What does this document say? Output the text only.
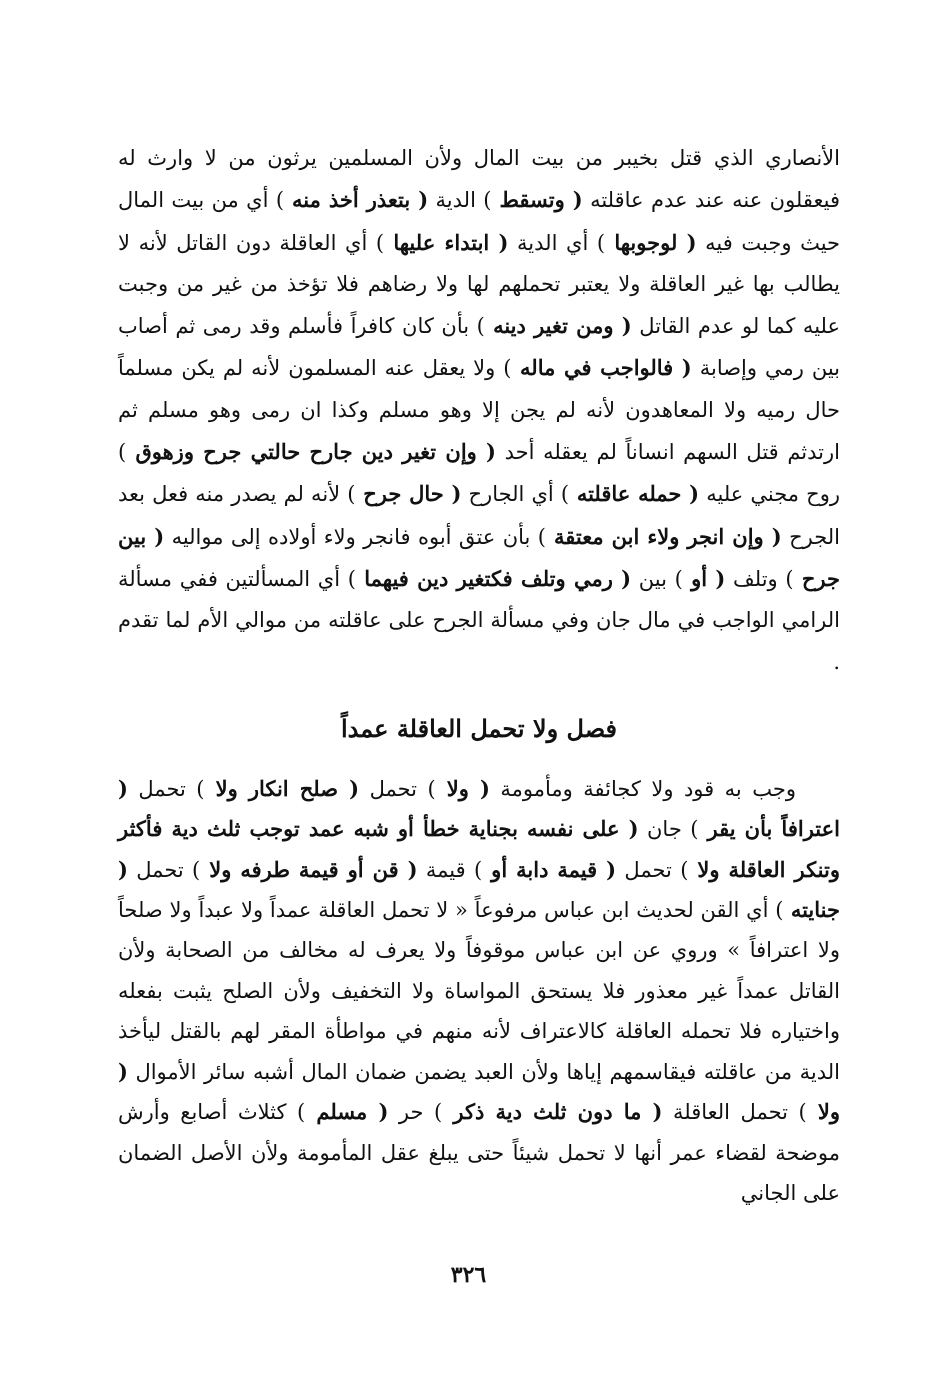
الأنصاري الذي قتل بخيبر من بيت المال ولأن المسلمين يرثون من لا وارث له فيعقلون عنه عند عدم عاقلته ( وتسقط ) الدية ( بتعذر أخذ منه ) أي من بيت المال حيث وجبت فيه ( لوجوبها ) أي الدية ( ابتداء عليها ) أي العاقلة دون القاتل لأنه لا يطالب بها غير العاقلة ولا يعتبر تحملهم لها ولا رضاهم فلا تؤخذ من غير من وجبت عليه كما لو عدم القاتل ( ومن تغير دينه ) بأن كان كافراً فأسلم وقد رمى ثم أصاب بين رمي وإصابة ( فالواجب في ماله ) ولا يعقل عنه المسلمون لأنه لم يكن مسلماً حال رميه ولا المعاهدون لأنه لم يجن إلا وهو مسلم وكذا ان رمى وهو مسلم ثم ارتدثم قتل السهم انساناً لم يعقله أحد ( وإن تغير دين جارح حالتي جرح وزهوق ) روح مجني عليه ( حمله عاقلته ) أي الجارح ( حال جرح ) لأنه لم يصدر منه فعل بعد الجرح ( وإن انجر ولاء ابن معتقة ) بأن عتق أبوه فانجر ولاء أولاده إلى مواليه ( بين جرح ) وتلف ( أو ) بين ( رمي وتلف فكتغير دين فيهما ) أي المسألتين ففي مسألة الرامي الواجب في مال جان وفي مسألة الجرح على عاقلته من موالي الأم لما تقدم .

فصل ولا تحمل العاقلة عمداً

وجب به قود ولا كجائفة ومأمومة ( ولا ) تحمل ( صلح انكار ولا ) تحمل ( اعترافاً بأن يقر ) جان ( على نفسه بجناية خطأ أو شبه عمد توجب ثلث دية فأكثر وتنكر العاقلة ولا ) تحمل ( قيمة دابة أو ) قيمة ( قن أو قيمة طرفه ولا ) تحمل ( جنايته ) أي القن لحديث ابن عباس مرفوعاً « لا تحمل العاقلة عمداً ولا عبداً ولا صلحاً ولا اعترافاً » وروي عن ابن عباس موقوفاً ولا يعرف له مخالف من الصحابة ولأن القاتل عمداً غير معذور فلا يستحق المواساة ولا التخفيف ولأن الصلح يثبت بفعله واختياره فلا تحمله العاقلة كالاعتراف لأنه منهم في مواطأة المقر لهم بالقتل ليأخذ الدية من عاقلته فيقاسمهم إياها ولأن العبد يضمن ضمان المال أشبه سائر الأموال ( ولا ) تحمل العاقلة ( ما دون ثلث دية ذكر ) حر ( مسلم ) كثلاث أصابع وأرش موضحة لقضاء عمر أنها لا تحمل شيئاً حتى يبلغ عقل المأمومة ولأن الأصل الضمان على الجاني

٣٢٦
